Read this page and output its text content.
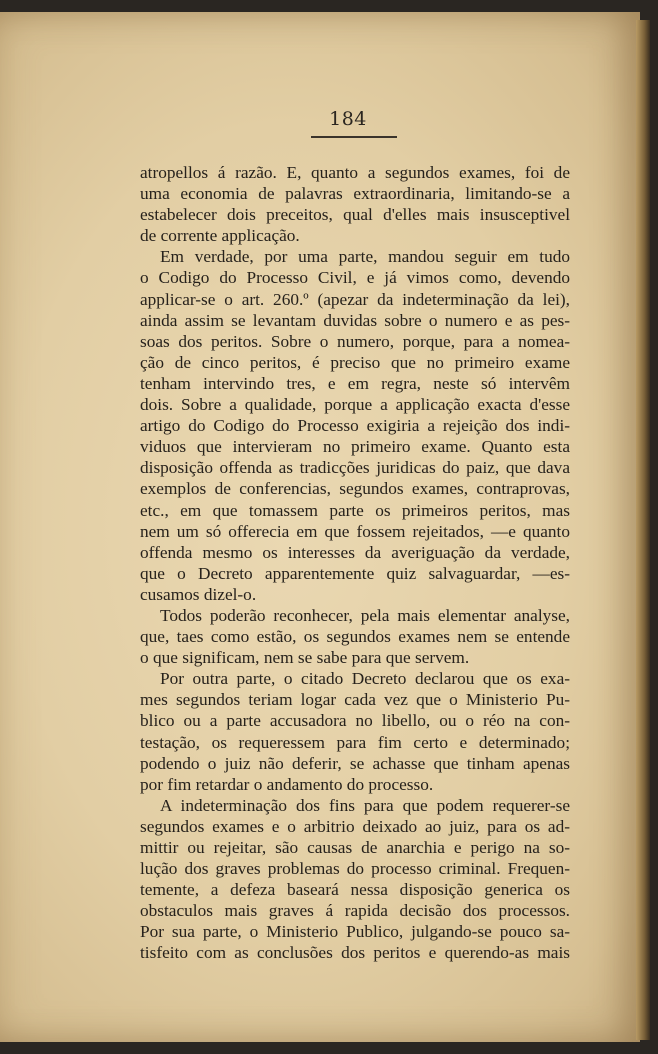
184
atropellos á razão. E, quanto a segundos exames, foi de
uma economia de palavras extraordinaria, limitando-se a
estabelecer dois preceitos, qual d'elles mais insusceptivel
de corrente applicação.
Em verdade, por uma parte, mandou seguir em tudo
o Codigo do Processo Civil, e já vimos como, devendo
applicar-se o art. 260.º (apezar da indeterminação da lei),
ainda assim se levantam duvidas sobre o numero e as pes-
soas dos peritos. Sobre o numero, porque, para a nomea-
ção de cinco peritos, é preciso que no primeiro exame
tenham intervindo tres, e em regra, neste só intervêm
dois. Sobre a qualidade, porque a applicação exacta d'esse
artigo do Codigo do Processo exigiria a rejeição dos indi-
viduos que intervieram no primeiro exame. Quanto esta
disposição offenda as tradicções juridicas do paiz, que dava
exemplos de conferencias, segundos exames, contraprovas,
etc., em que tomassem parte os primeiros peritos, mas
nem um só offerecia em que fossem rejeitados, —e quanto
offenda mesmo os interesses da averiguação da verdade,
que o Decreto apparentemente quiz salvaguardar, —es-
cusamos dizel-o.
Todos poderão reconhecer, pela mais elementar analyse,
que, taes como estão, os segundos exames nem se entende
o que significam, nem se sabe para que servem.
Por outra parte, o citado Decreto declarou que os exa-
mes segundos teriam logar cada vez que o Ministerio Pu-
blico ou a parte accusadora no libello, ou o réo na con-
testação, os requeressem para fim certo e determinado;
podendo o juiz não deferir, se achasse que tinham apenas
por fim retardar o andamento do processo.
A indeterminação dos fins para que podem requerer-se
segundos exames e o arbitrio deixado ao juiz, para os ad-
mittir ou rejeitar, são causas de anarchia e perigo na so-
lução dos graves problemas do processo criminal. Frequen-
temente, a defeza baseará nessa disposição generica os
obstaculos mais graves á rapida decisão dos processos.
Por sua parte, o Ministerio Publico, julgando-se pouco sa-
tisfeito com as conclusões dos peritos e querendo-as mais
